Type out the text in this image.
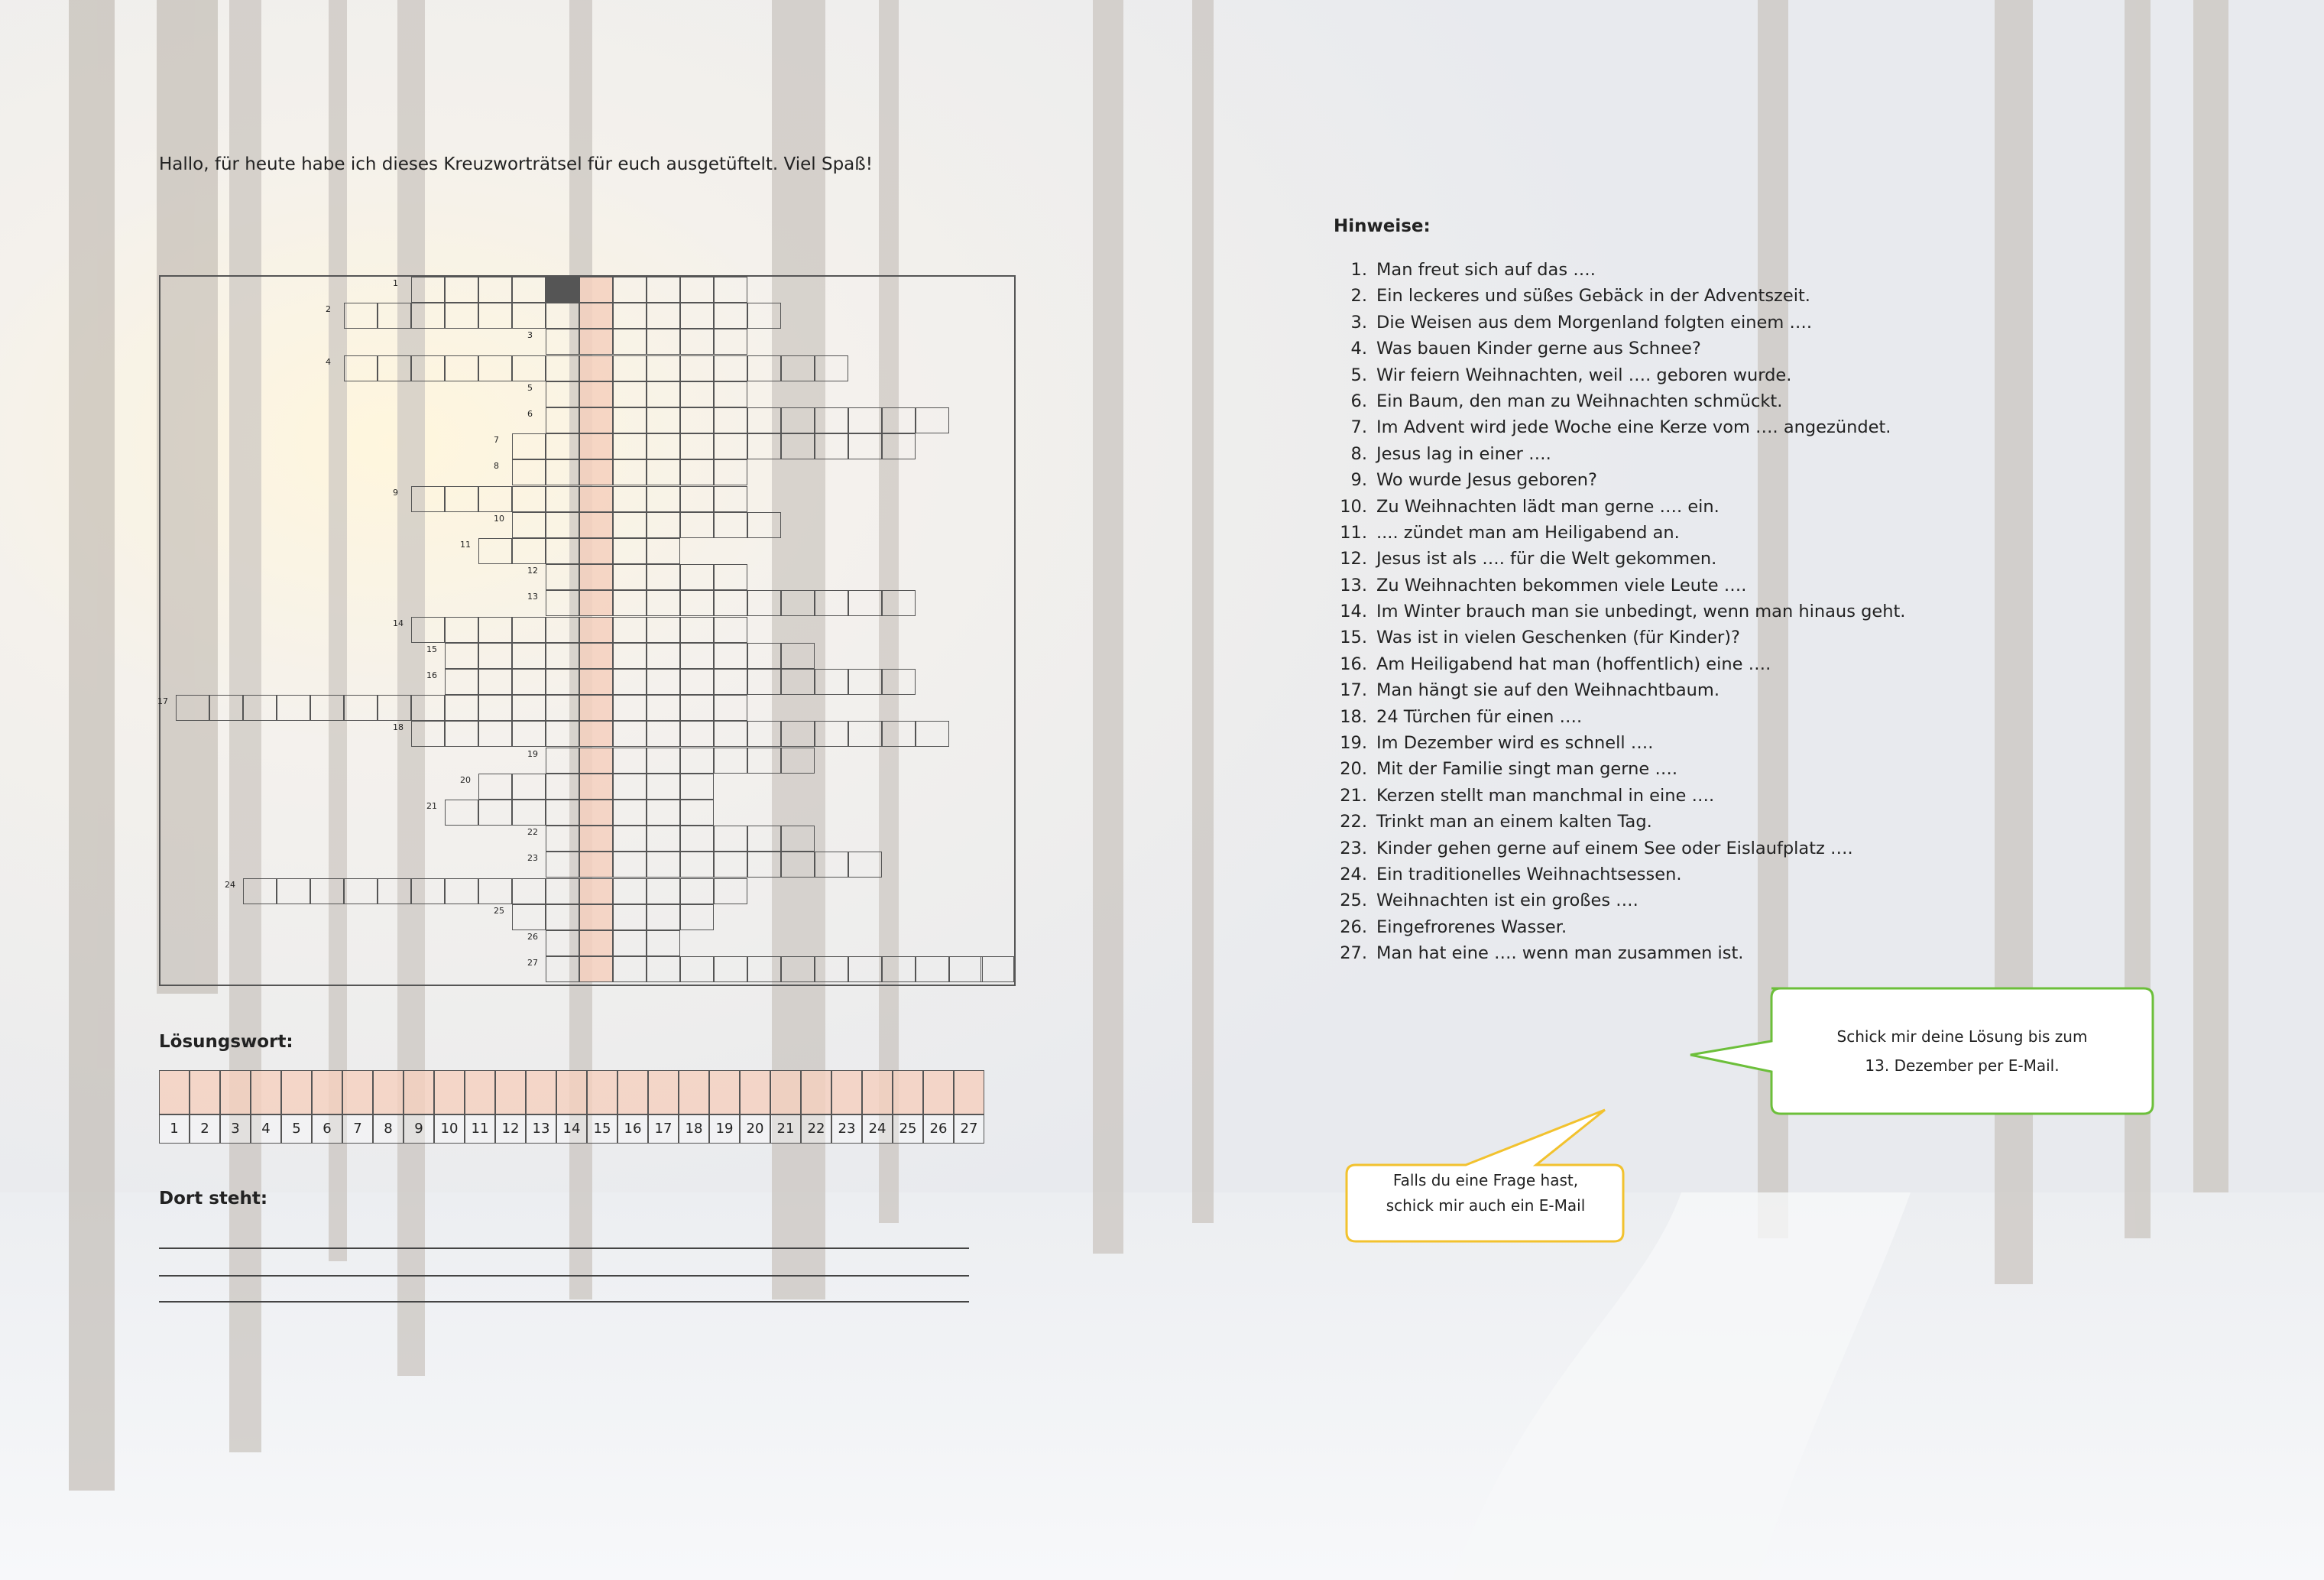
Hallo, für heute habe ich dieses Kreuzworträtsel für euch ausgetüftelt. Viel Spaß!
1
2
3
4
5
6
7
8
9
10
11
12
13
14
15
16
17
18
19
20
21
22
23
24
25
26
27
Lösungswort:
1	2	3	4	5	6	7	8	9	10 11 12 13 14 15 16 17 18 19 20 21 22 23 24 25 26 27
Dort steht:
Hinweise:
1. Man freut sich auf das ….
2. Ein leckeres und süßes Gebäck in der Adventszeit.
3. Die Weisen aus dem Morgenland folgten einem ….
4. Was bauen Kinder gerne aus Schnee?
5. Wir feiern Weihnachten, weil …. geboren wurde.
6. Ein Baum, den man zu Weihnachten schmückt.
7. Im Advent wird jede Woche eine Kerze vom …. angezündet.
8. Jesus lag in einer ….
9. Wo wurde Jesus geboren?
10. Zu Weihnachten lädt man gerne …. ein.
11. .... zündet man am Heiligabend an.
12. Jesus ist als …. für die Welt gekommen.
13. Zu Weihnachten bekommen viele Leute ….
14. Im Winter brauch man sie unbedingt, wenn man hinaus geht.
15. Was ist in vielen Geschenken (für Kinder)?
16. Am Heiligabend hat man (hoffentlich) eine ….
17. Man hängt sie auf den Weihnachtbaum.
18. 24 Türchen für einen ….
19. Im Dezember wird es schnell ….
20. Mit der Familie singt man gerne ….
21. Kerzen stellt man manchmal in eine ….
22. Trinkt man an einem kalten Tag.
23. Kinder gehen gerne auf einem See oder Eislaufplatz ….
24. Ein traditionelles Weihnachtsessen.
25. Weihnachten ist ein großes ….
26. Eingefrorenes Wasser.
27. Man hat eine …. wenn man zusammen ist.
Schick mir deine Lösung bis zum
13. Dezember per E-Mail.
Falls du eine Frage hast,
schick mir auch ein E-Mail
